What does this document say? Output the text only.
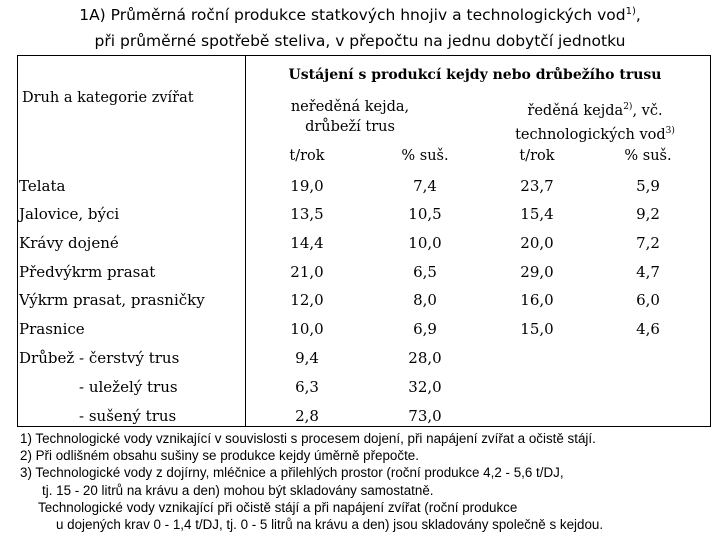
1A) Průměrná roční produkce statkových hnojiv a technologických vod$^{1)}$,
při průměrné spotřebě steliva, v přepočtu na jednu dobytčí jednotku
Ustájení s produkcí kejdy nebo drůbežího trusu
Druh a kategorie zvířat
neředěná kejda,
drůbeží trus
ředěná kejda$^{2)}$, vč.
technologických vod$^{3)}$
t/rok	% suš.	t/rok	% suš.
Telata	19,0	7,4	23,7	5,9
Jalovice, býci	13,5	10,5	15,4	9,2
Krávy dojené	14,4	10,0	20,0	7,2
Předvýkrm prasat	21,0	6,5	29,0	4,7
Výkrm prasat, prasničky	12,0	8,0	16,0	6,0
Prasnice	10,0	6,9	15,0	4,6
Drůbež - čerstvý trus	9,4	28,0
- uleželý trus	6,3	32,0
- sušený trus	2,8	73,0
1) Technologické vody vznikající v souvislosti s procesem dojení, při napájení zvířat a očistě stájí.
2) Při odlišném obsahu sušiny se produkce kejdy úměrně přepočte.
3) Technologické vody z dojírny, mléčnice a přilehlých prostor (roční produkce 4,2 - 5,6 t/DJ,
tj. 15 - 20 litrů na krávu a den) mohou být skladovány samostatně.
Technologické vody vznikající při očistě stájí a při napájení zvířat (roční produkce
u dojených krav 0 - 1,4 t/DJ, tj. 0 - 5 litrů na krávu a den) jsou skladovány společně s kejdou.
